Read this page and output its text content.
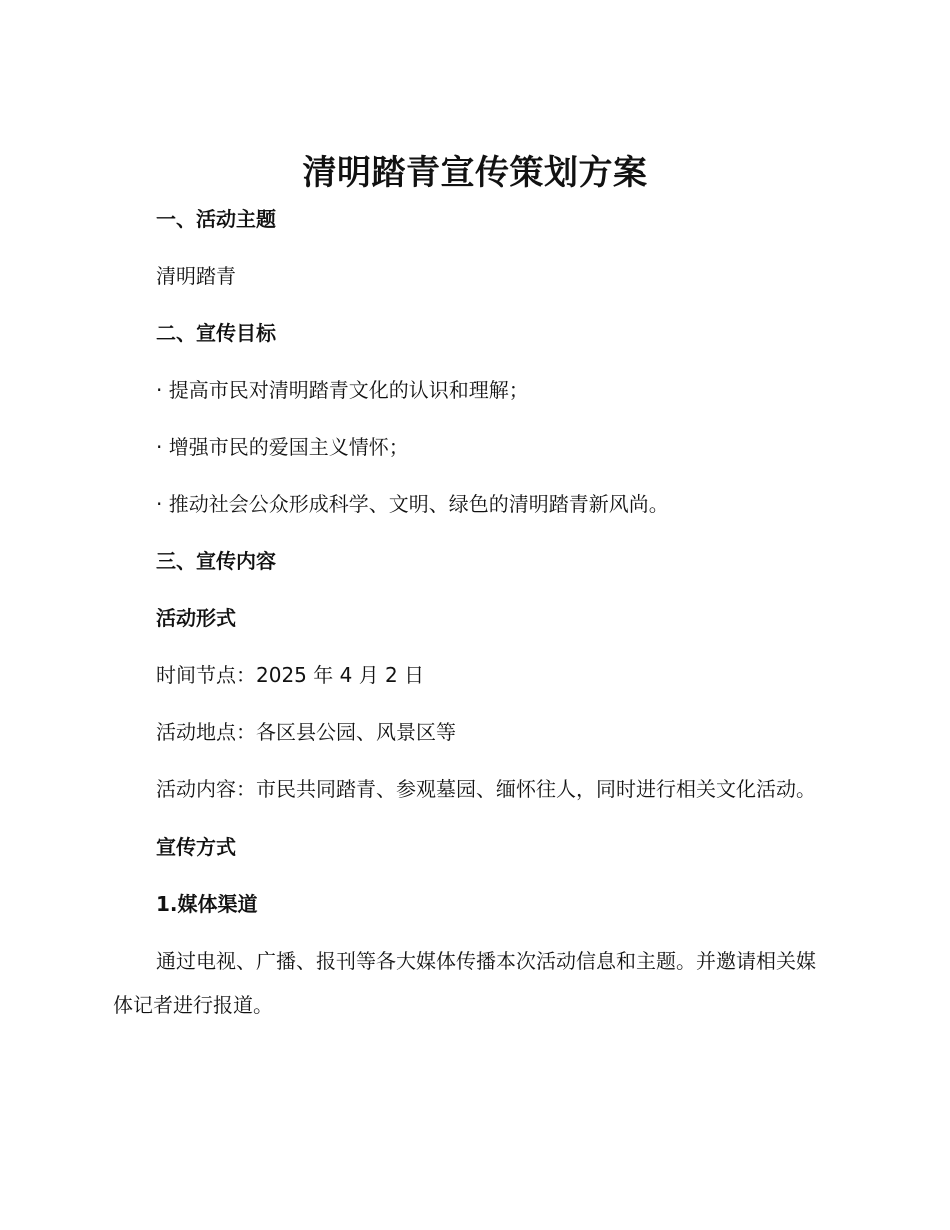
清明踏青宣传策划方案
一、活动主题
清明踏青
二、宣传目标
· 提高市民对清明踏青文化的认识和理解；
· 增强市民的爱国主义情怀；
· 推动社会公众形成科学、文明、绿色的清明踏青新风尚。
三、宣传内容
活动形式
时间节点：2025 年 4 月 2 日
活动地点：各区县公园、风景区等
活动内容：市民共同踏青、参观墓园、缅怀往人，同时进行相关文化活动。
宣传方式
1.媒体渠道
通过电视、广播、报刊等各大媒体传播本次活动信息和主题。并邀请相关媒体记者进行报道。
